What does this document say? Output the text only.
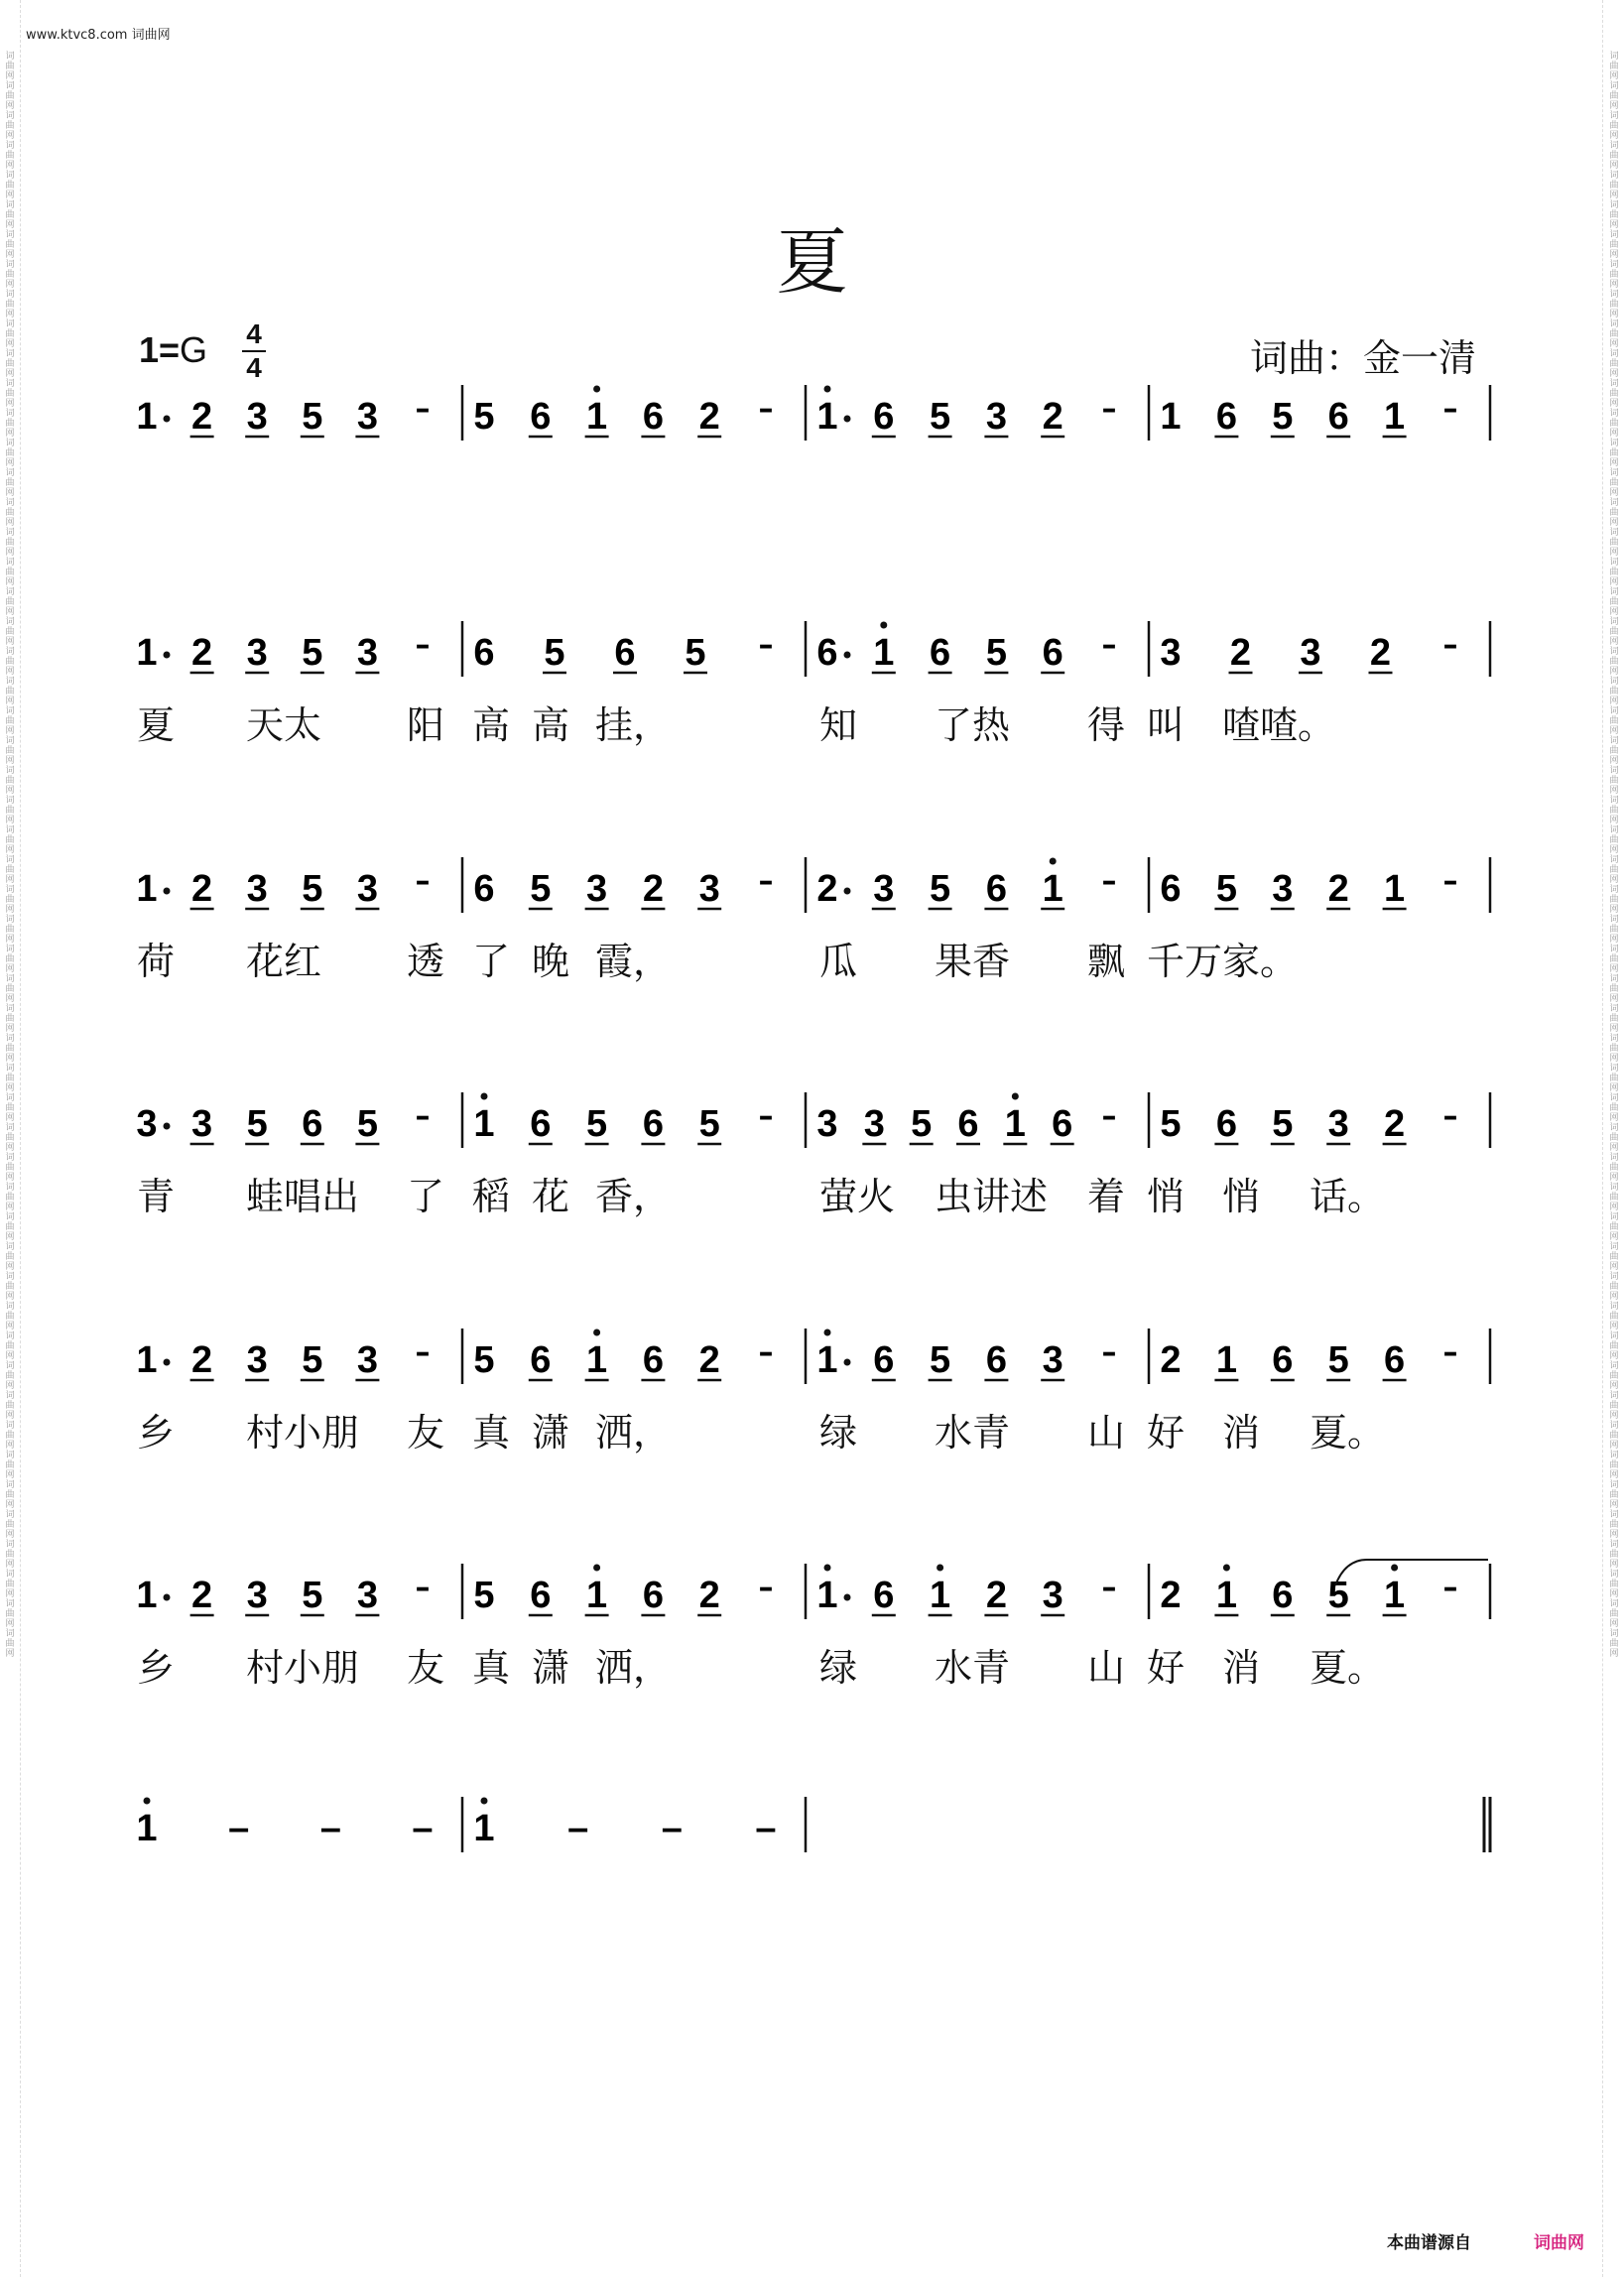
www.ktvc8.com 词曲网
词曲网词曲网词曲网词曲网词曲网词曲网词曲网词曲网词曲网词曲网词曲网词曲网词曲网词曲网词曲网词曲网词曲网词曲网词曲网词曲网词曲网词曲网词曲网词曲网词曲网词曲网词曲网词曲网词曲网词曲网词曲网词曲网词曲网词曲网词曲网词曲网词曲网词曲网词曲网词曲网词曲网词曲网词曲网词曲网词曲网词曲网词曲网词曲网词曲网词曲网词曲网词曲网词曲网词曲网
词曲网词曲网词曲网词曲网词曲网词曲网词曲网词曲网词曲网词曲网词曲网词曲网词曲网词曲网词曲网词曲网词曲网词曲网词曲网词曲网词曲网词曲网词曲网词曲网词曲网词曲网词曲网词曲网词曲网词曲网词曲网词曲网词曲网词曲网词曲网词曲网词曲网词曲网词曲网词曲网词曲网词曲网词曲网词曲网词曲网词曲网词曲网词曲网词曲网词曲网词曲网词曲网词曲网词曲网
夏
1=G 4
4	词曲：金一清
1 2 3 5 3 – 5 6 1 6 2 – 1 6 5 3 2 – 1 6 5 6 1 –
1 2 3 5 3 – 6 5 6 5 – 6 1 6 5 6 – 3 2 3 2 –
1 2 3 5 3 – 6 5 3 2 3 – 2 3 5 6 1 – 6 5 3 2 1 –
3 3 5 6 5 – 1 6 5 6 5 – 3 3 5 6 1 6 – 5 6 5 3 2 –
1 2 3 5 3 – 5 6 1 6 2 – 1 6 5 6 3 – 2 1 6 5 6 –
1 2 3 5 3 – 5 6 1 6 2 – 1 6 1 2 3 – 2 1 6 5 1 –
1 – – – 1 – – –
夏 天太 阳 高 高 挂，	知 了热 得 叫 喳喳。
荷 花红 透 了 晚 霞，	瓜 果香 飘 千万 家。
青 蛙唱出 了 稻 花 香，	萤火 虫讲述 着 悄 悄 话。
乡 村小朋 友 真 潇 洒，	绿 水青 山 好 消 夏。
乡 村小朋 友 真 潇 洒，	绿 水青 山 好 消 夏。
本曲谱源自	词曲网
